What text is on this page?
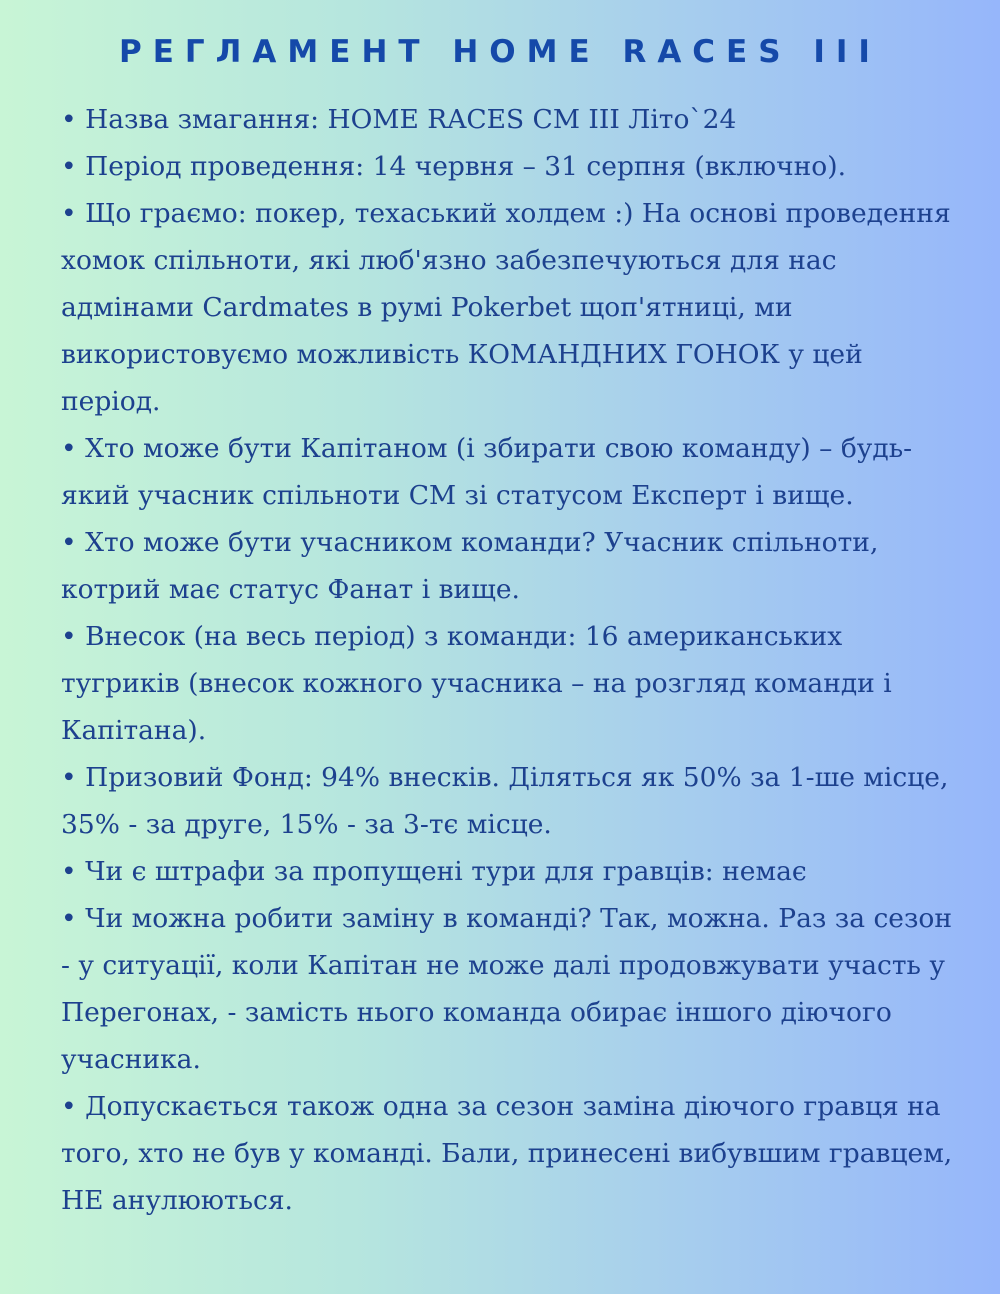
РЕГЛАМЕНТ HOME RACES III
• Назва змагання: HOME RACES CM III Літо`24
• Період проведення: 14 червня – 31 серпня (включно).
• Що граємо: покер, техаський холдем :) На основі проведення хомок спільноти, які люб'язно забезпечуються для нас адмінами Cardmates в румі Pokerbet щоп'ятниці, ми використовуємо можливість КОМАНДНИХ ГОНОК у цей період.
• Хто може бути Капітаном (і збирати свою команду) – будь-який учасник спільноти CM зі статусом Експерт і вище.
• Хто може бути учасником команди? Учасник спільноти, котрий має статус Фанат і вище.
• Внесок (на весь період) з команди: 16 американських тугриків (внесок кожного учасника – на розгляд команди і Капітана).
• Призовий Фонд: 94% внесків. Діляться як 50% за 1-ше місце, 35% - за друге, 15% - за 3-тє місце.
• Чи є штрафи за пропущені тури для гравців: немає
• Чи можна робити заміну в команді? Так, можна. Раз за сезон - у ситуації, коли Капітан не може далі продовжувати участь у Перегонах, - замість нього команда обирає іншого діючого учасника.
• Допускається також одна за сезон заміна діючого гравця на того, хто не був у команді. Бали, принесені вибувшим гравцем, НЕ анулюються.
